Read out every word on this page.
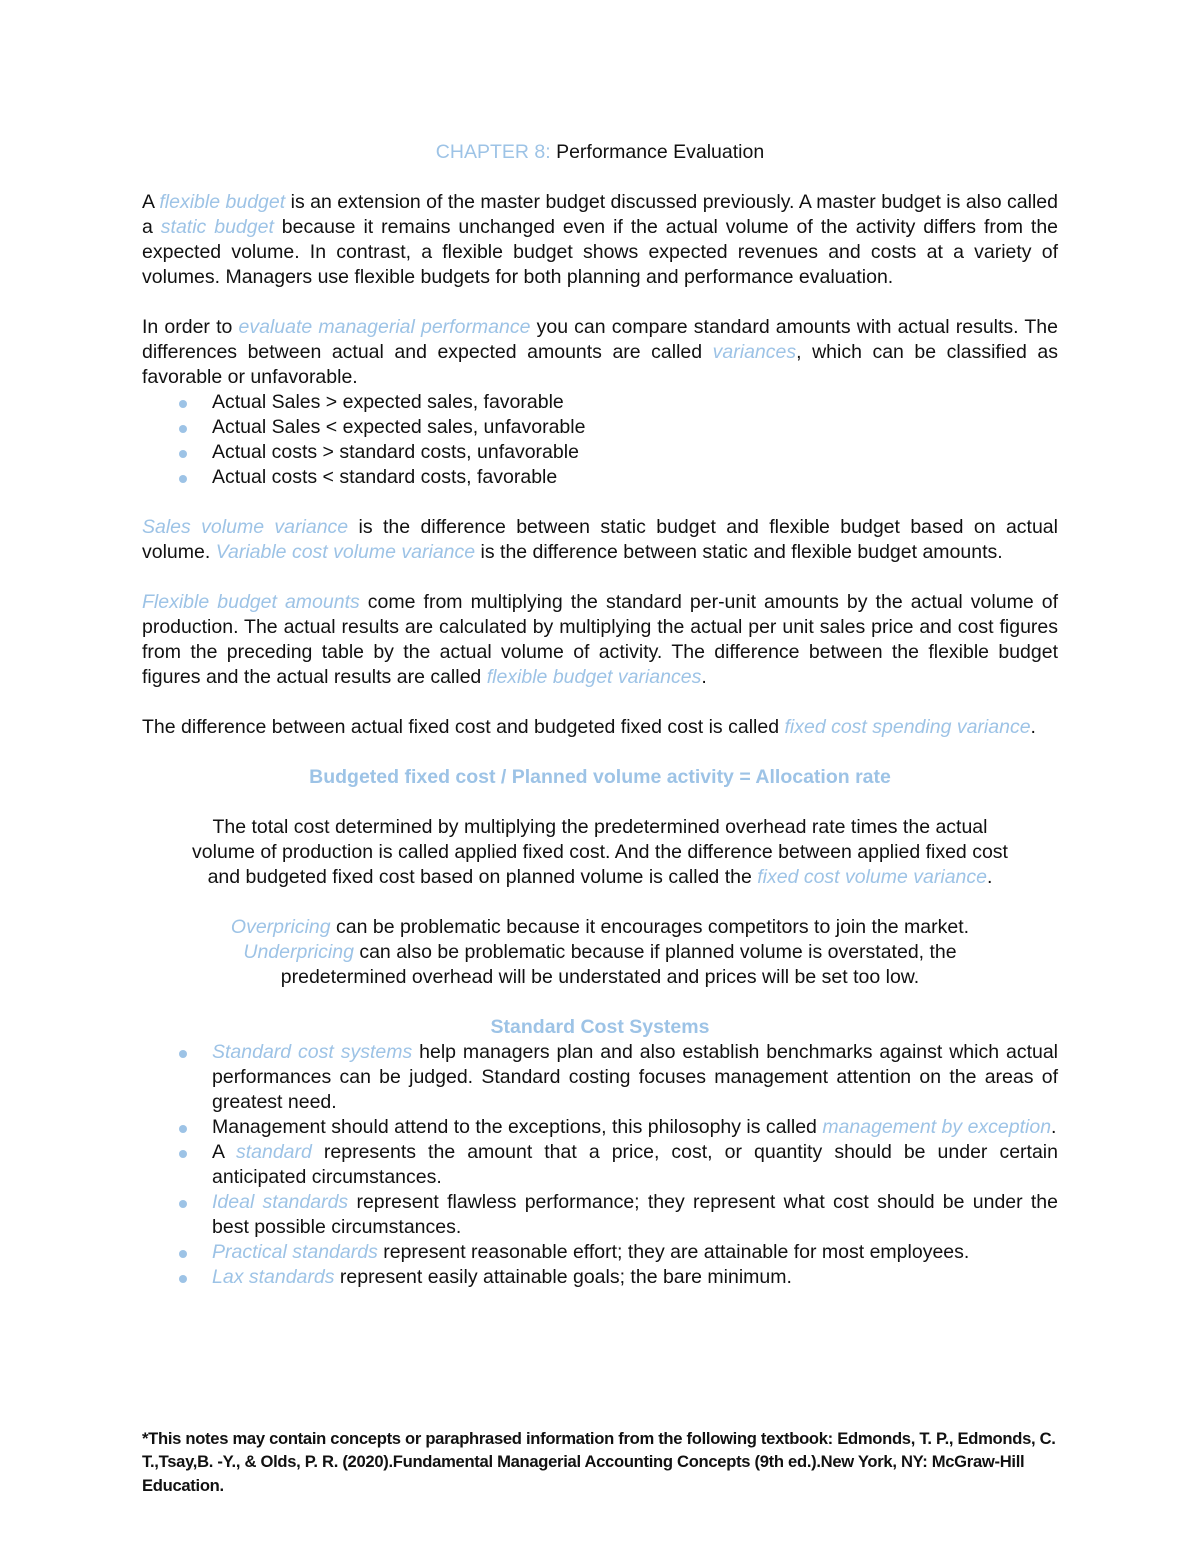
CHAPTER 8: Performance Evaluation

A flexible budget is an extension of the master budget discussed previously. A master budget is also called a static budget because it remains unchanged even if the actual volume of the activity differs from the expected volume. In contrast, a flexible budget shows expected revenues and costs at a variety of volumes. Managers use flexible budgets for both planning and performance evaluation.

In order to evaluate managerial performance you can compare standard amounts with actual results. The differences between actual and expected amounts are called variances, which can be classified as favorable or unfavorable.

Actual Sales > expected sales, favorable
Actual Sales < expected sales, unfavorable
Actual costs > standard costs, unfavorable
Actual costs < standard costs, favorable

Sales volume variance is the difference between static budget and flexible budget based on actual volume. Variable cost volume variance is the difference between static and flexible budget amounts.

Flexible budget amounts come from multiplying the standard per-unit amounts by the actual volume of production. The actual results are calculated by multiplying the actual per unit sales price and cost figures from the preceding table by the actual volume of activity. The difference between the flexible budget figures and the actual results are called flexible budget variances.

The difference between actual fixed cost and budgeted fixed cost is called fixed cost spending variance.

Budgeted fixed cost / Planned volume activity = Allocation rate

The total cost determined by multiplying the predetermined overhead rate times the actual
volume of production is called applied fixed cost. And the difference between applied fixed cost
and budgeted fixed cost based on planned volume is called the fixed cost volume variance.

Overpricing can be problematic because it encourages competitors to join the market.
Underpricing can also be problematic because if planned volume is overstated, the
predetermined overhead will be understated and prices will be set too low.

Standard Cost Systems

Standard cost systems help managers plan and also establish benchmarks against which actual performances can be judged. Standard costing focuses management attention on the areas of greatest need.
Management should attend to the exceptions, this philosophy is called management by exception.
A standard represents the amount that a price, cost, or quantity should be under certain anticipated circumstances.
Ideal standards represent flawless performance; they represent what cost should be under the best possible circumstances.
Practical standards represent reasonable effort; they are attainable for most employees.
Lax standards represent easily attainable goals; the bare minimum.

*This notes may contain concepts or paraphrased information from the following textbook: Edmonds, T. P., Edmonds, C. T.,Tsay,B. -Y., & Olds, P. R. (2020).Fundamental Managerial Accounting Concepts (9th ed.).New York, NY: McGraw-Hill Education.
